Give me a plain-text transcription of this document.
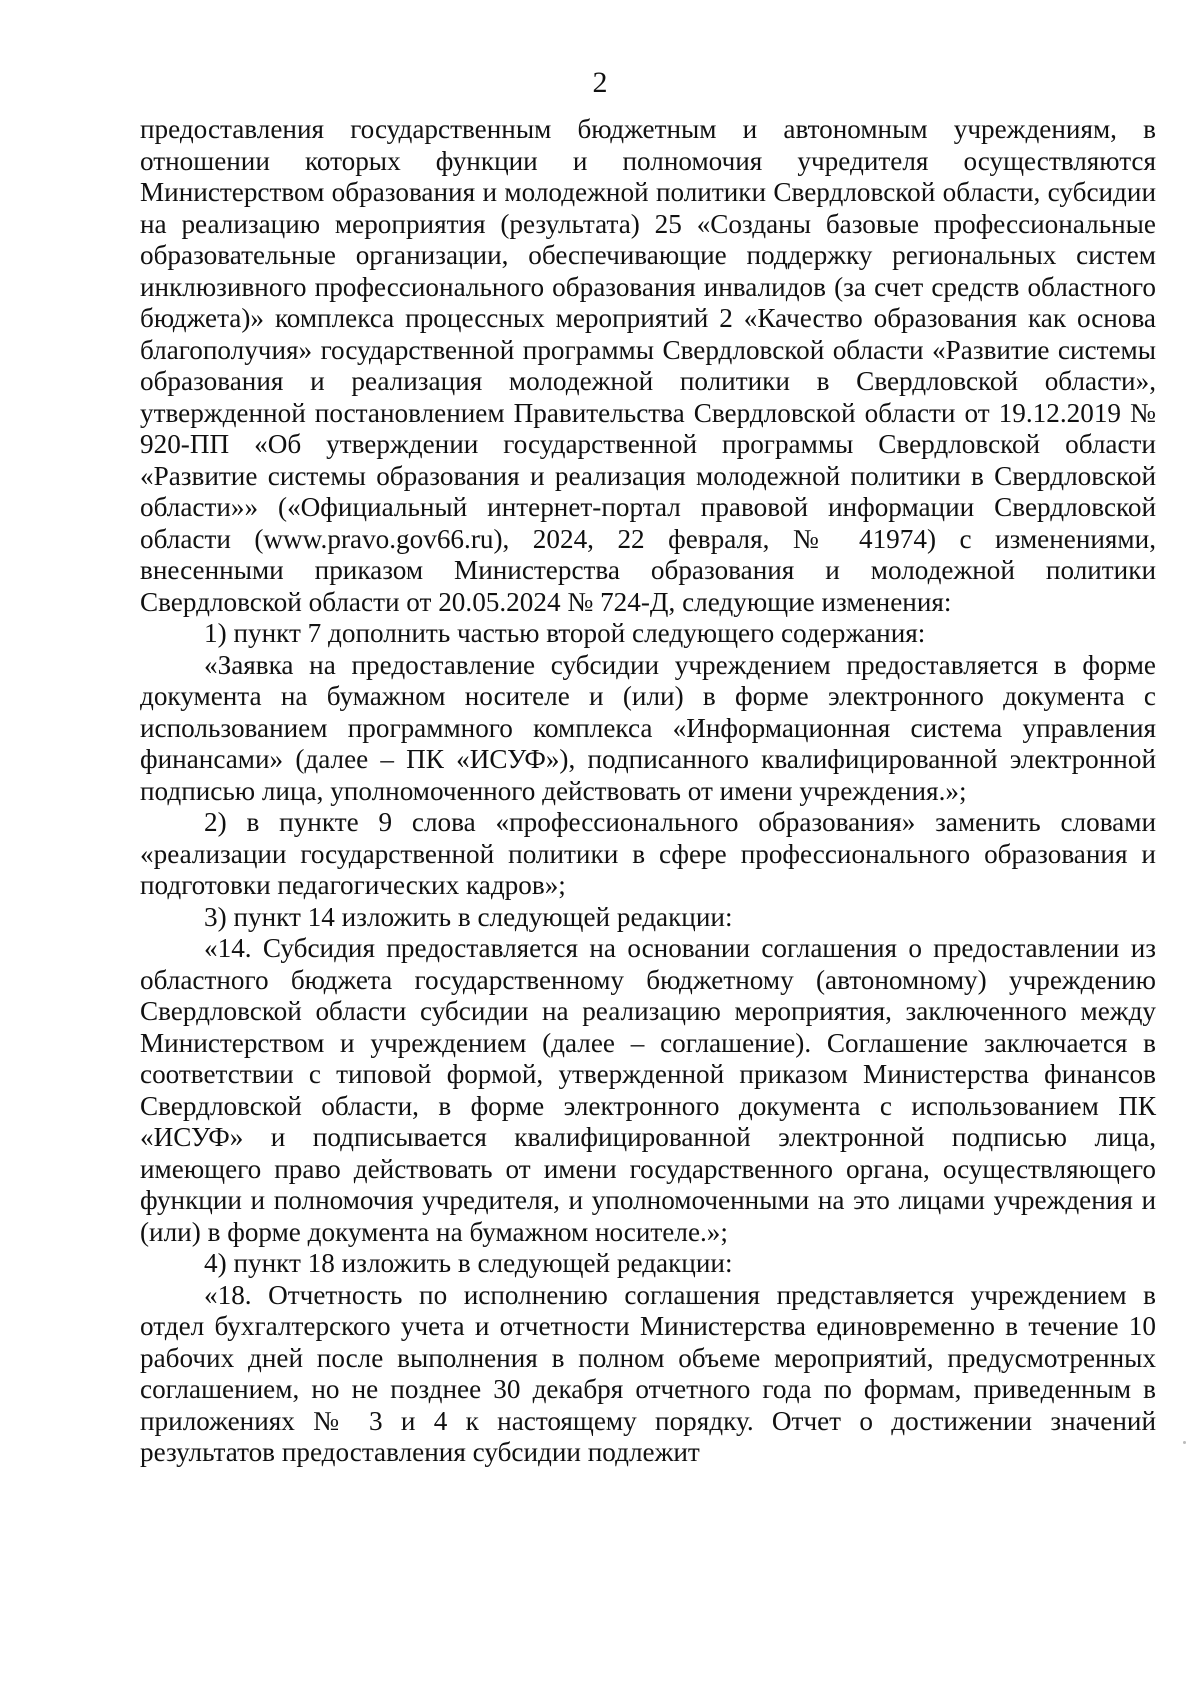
2

предоставления государственным бюджетным и автономным учреждениям, в отношении которых функции и полномочия учредителя осуществляются Министерством образования и молодежной политики Свердловской области, субсидии на реализацию мероприятия (результата) 25 «Созданы базовые профессиональные образовательные организации, обеспечивающие поддержку региональных систем инклюзивного профессионального образования инвалидов (за счет средств областного бюджета)» комплекса процессных мероприятий 2 «Качество образования как основа благополучия» государственной программы Свердловской области «Развитие системы образования и реализация молодежной политики в Свердловской области», утвержденной постановлением Правительства Свердловской области от 19.12.2019 № 920-ПП «Об утверждении государственной программы Свердловской области «Развитие системы образования и реализация молодежной политики в Свердловской области»» («Официальный интернет-портал правовой информации Свердловской области (www.pravo.gov66.ru), 2024, 22 февраля, № 41974) с изменениями, внесенными приказом Министерства образования и молодежной политики Свердловской области от 20.05.2024 № 724-Д, следующие изменения:

1) пункт 7 дополнить частью второй следующего содержания:

«Заявка на предоставление субсидии учреждением предоставляется в форме документа на бумажном носителе и (или) в форме электронного документа с использованием программного комплекса «Информационная система управления финансами» (далее – ПК «ИСУФ»), подписанного квалифицированной электронной подписью лица, уполномоченного действовать от имени учреждения.»;

2) в пункте 9 слова «профессионального образования» заменить словами «реализации государственной политики в сфере профессионального образования и подготовки педагогических кадров»;

3) пункт 14 изложить в следующей редакции:

«14. Субсидия предоставляется на основании соглашения о предоставлении из областного бюджета государственному бюджетному (автономному) учреждению Свердловской области субсидии на реализацию мероприятия, заключенного между Министерством и учреждением (далее – соглашение). Соглашение заключается в соответствии с типовой формой, утвержденной приказом Министерства финансов Свердловской области, в форме электронного документа с использованием ПК «ИСУФ» и подписывается квалифицированной электронной подписью лица, имеющего право действовать от имени государственного органа, осуществляющего функции и полномочия учредителя, и уполномоченными на это лицами учреждения и (или) в форме документа на бумажном носителе.»;

4) пункт 18 изложить в следующей редакции:

«18. Отчетность по исполнению соглашения представляется учреждением в отдел бухгалтерского учета и отчетности Министерства единовременно в течение 10 рабочих дней после выполнения в полном объеме мероприятий, предусмотренных соглашением, но не позднее 30 декабря отчетного года по формам, приведенным в приложениях № 3 и 4 к настоящему порядку. Отчет о достижении значений результатов предоставления субсидии подлежит
